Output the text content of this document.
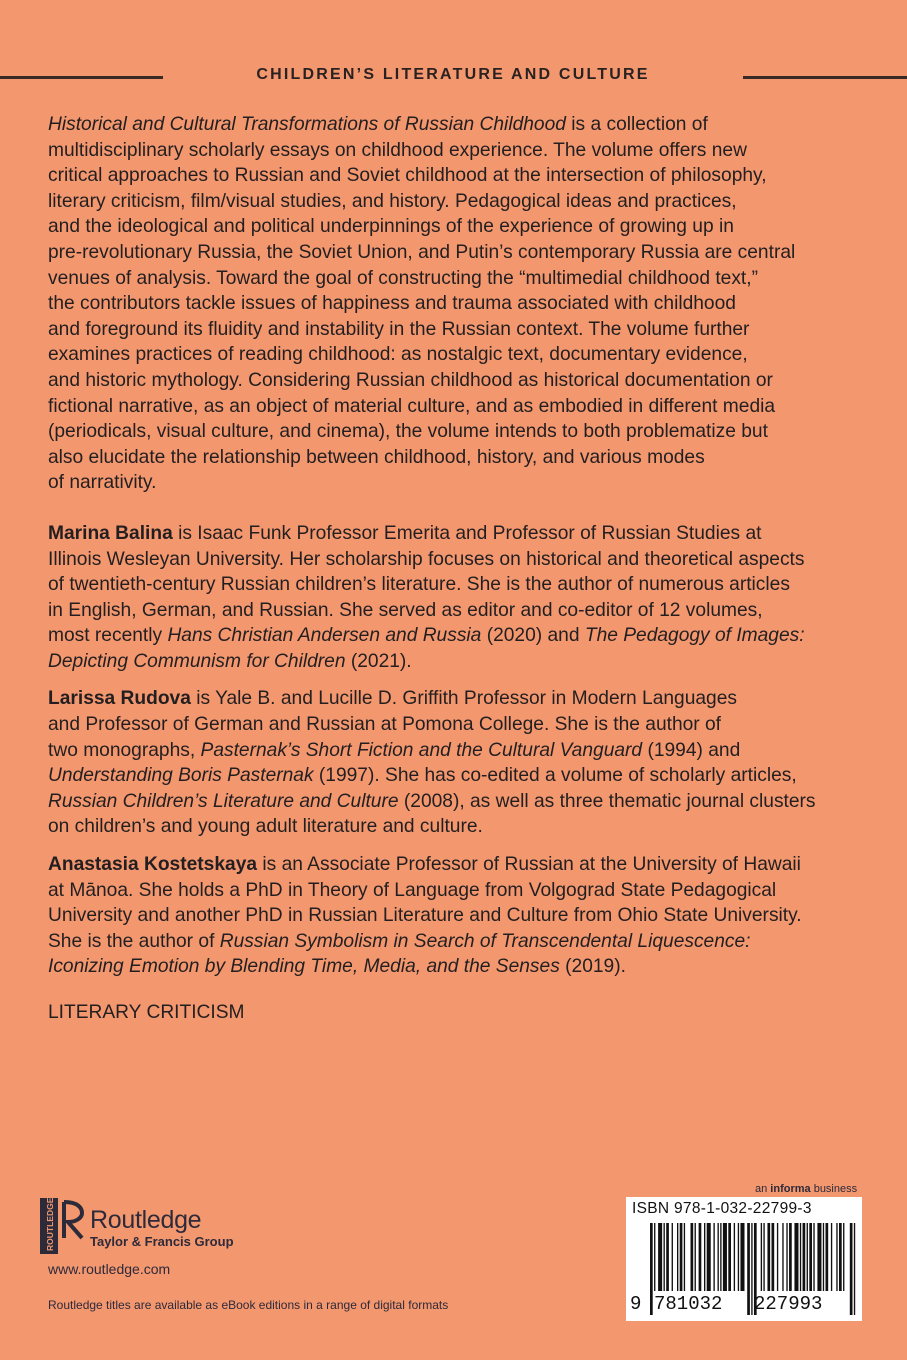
CHILDREN’S LITERATURE AND CULTURE

Historical and Cultural Transformations of Russian Childhood is a collection of
multidisciplinary scholarly essays on childhood experience. The volume offers new
critical approaches to Russian and Soviet childhood at the intersection of philosophy,
literary criticism, film/visual studies, and history. Pedagogical ideas and practices,
and the ideological and political underpinnings of the experience of growing up in
pre-revolutionary Russia, the Soviet Union, and Putin’s contemporary Russia are central
venues of analysis. Toward the goal of constructing the “multimedial childhood text,”
the contributors tackle issues of happiness and trauma associated with childhood
and foreground its fluidity and instability in the Russian context. The volume further
examines practices of reading childhood: as nostalgic text, documentary evidence,
and historic mythology. Considering Russian childhood as historical documentation or
fictional narrative, as an object of material culture, and as embodied in different media
(periodicals, visual culture, and cinema), the volume intends to both problematize but
also elucidate the relationship between childhood, history, and various modes
of narrativity.

Marina Balina is Isaac Funk Professor Emerita and Professor of Russian Studies at
Illinois Wesleyan University. Her scholarship focuses on historical and theoretical aspects
of twentieth-century Russian children’s literature. She is the author of numerous articles
in English, German, and Russian. She served as editor and co-editor of 12 volumes,
most recently Hans Christian Andersen and Russia (2020) and The Pedagogy of Images:
Depicting Communism for Children (2021).

Larissa Rudova is Yale B. and Lucille D. Griffith Professor in Modern Languages
and Professor of German and Russian at Pomona College. She is the author of
two monographs, Pasternak’s Short Fiction and the Cultural Vanguard (1994) and
Understanding Boris Pasternak (1997). She has co-edited a volume of scholarly articles,
Russian Children’s Literature and Culture (2008), as well as three thematic journal clusters
on children’s and young adult literature and culture.

Anastasia Kostetskaya is an Associate Professor of Russian at the University of Hawaii
at Mānoa. She holds a PhD in Theory of Language from Volgograd State Pedagogical
University and another PhD in Russian Literature and Culture from Ohio State University.
She is the author of Russian Symbolism in Search of Transcendental Liquescence:
Iconizing Emotion by Blending Time, Media, and the Senses (2019).

LITERARY CRITICISM
ROUTLEDGE Routledge
Taylor & Francis Group
www.routledge.com
Routledge titles are available as eBook editions in a range of digital formats
an informa business
ISBN 978-1-032-22799-3
9 781032 227993
